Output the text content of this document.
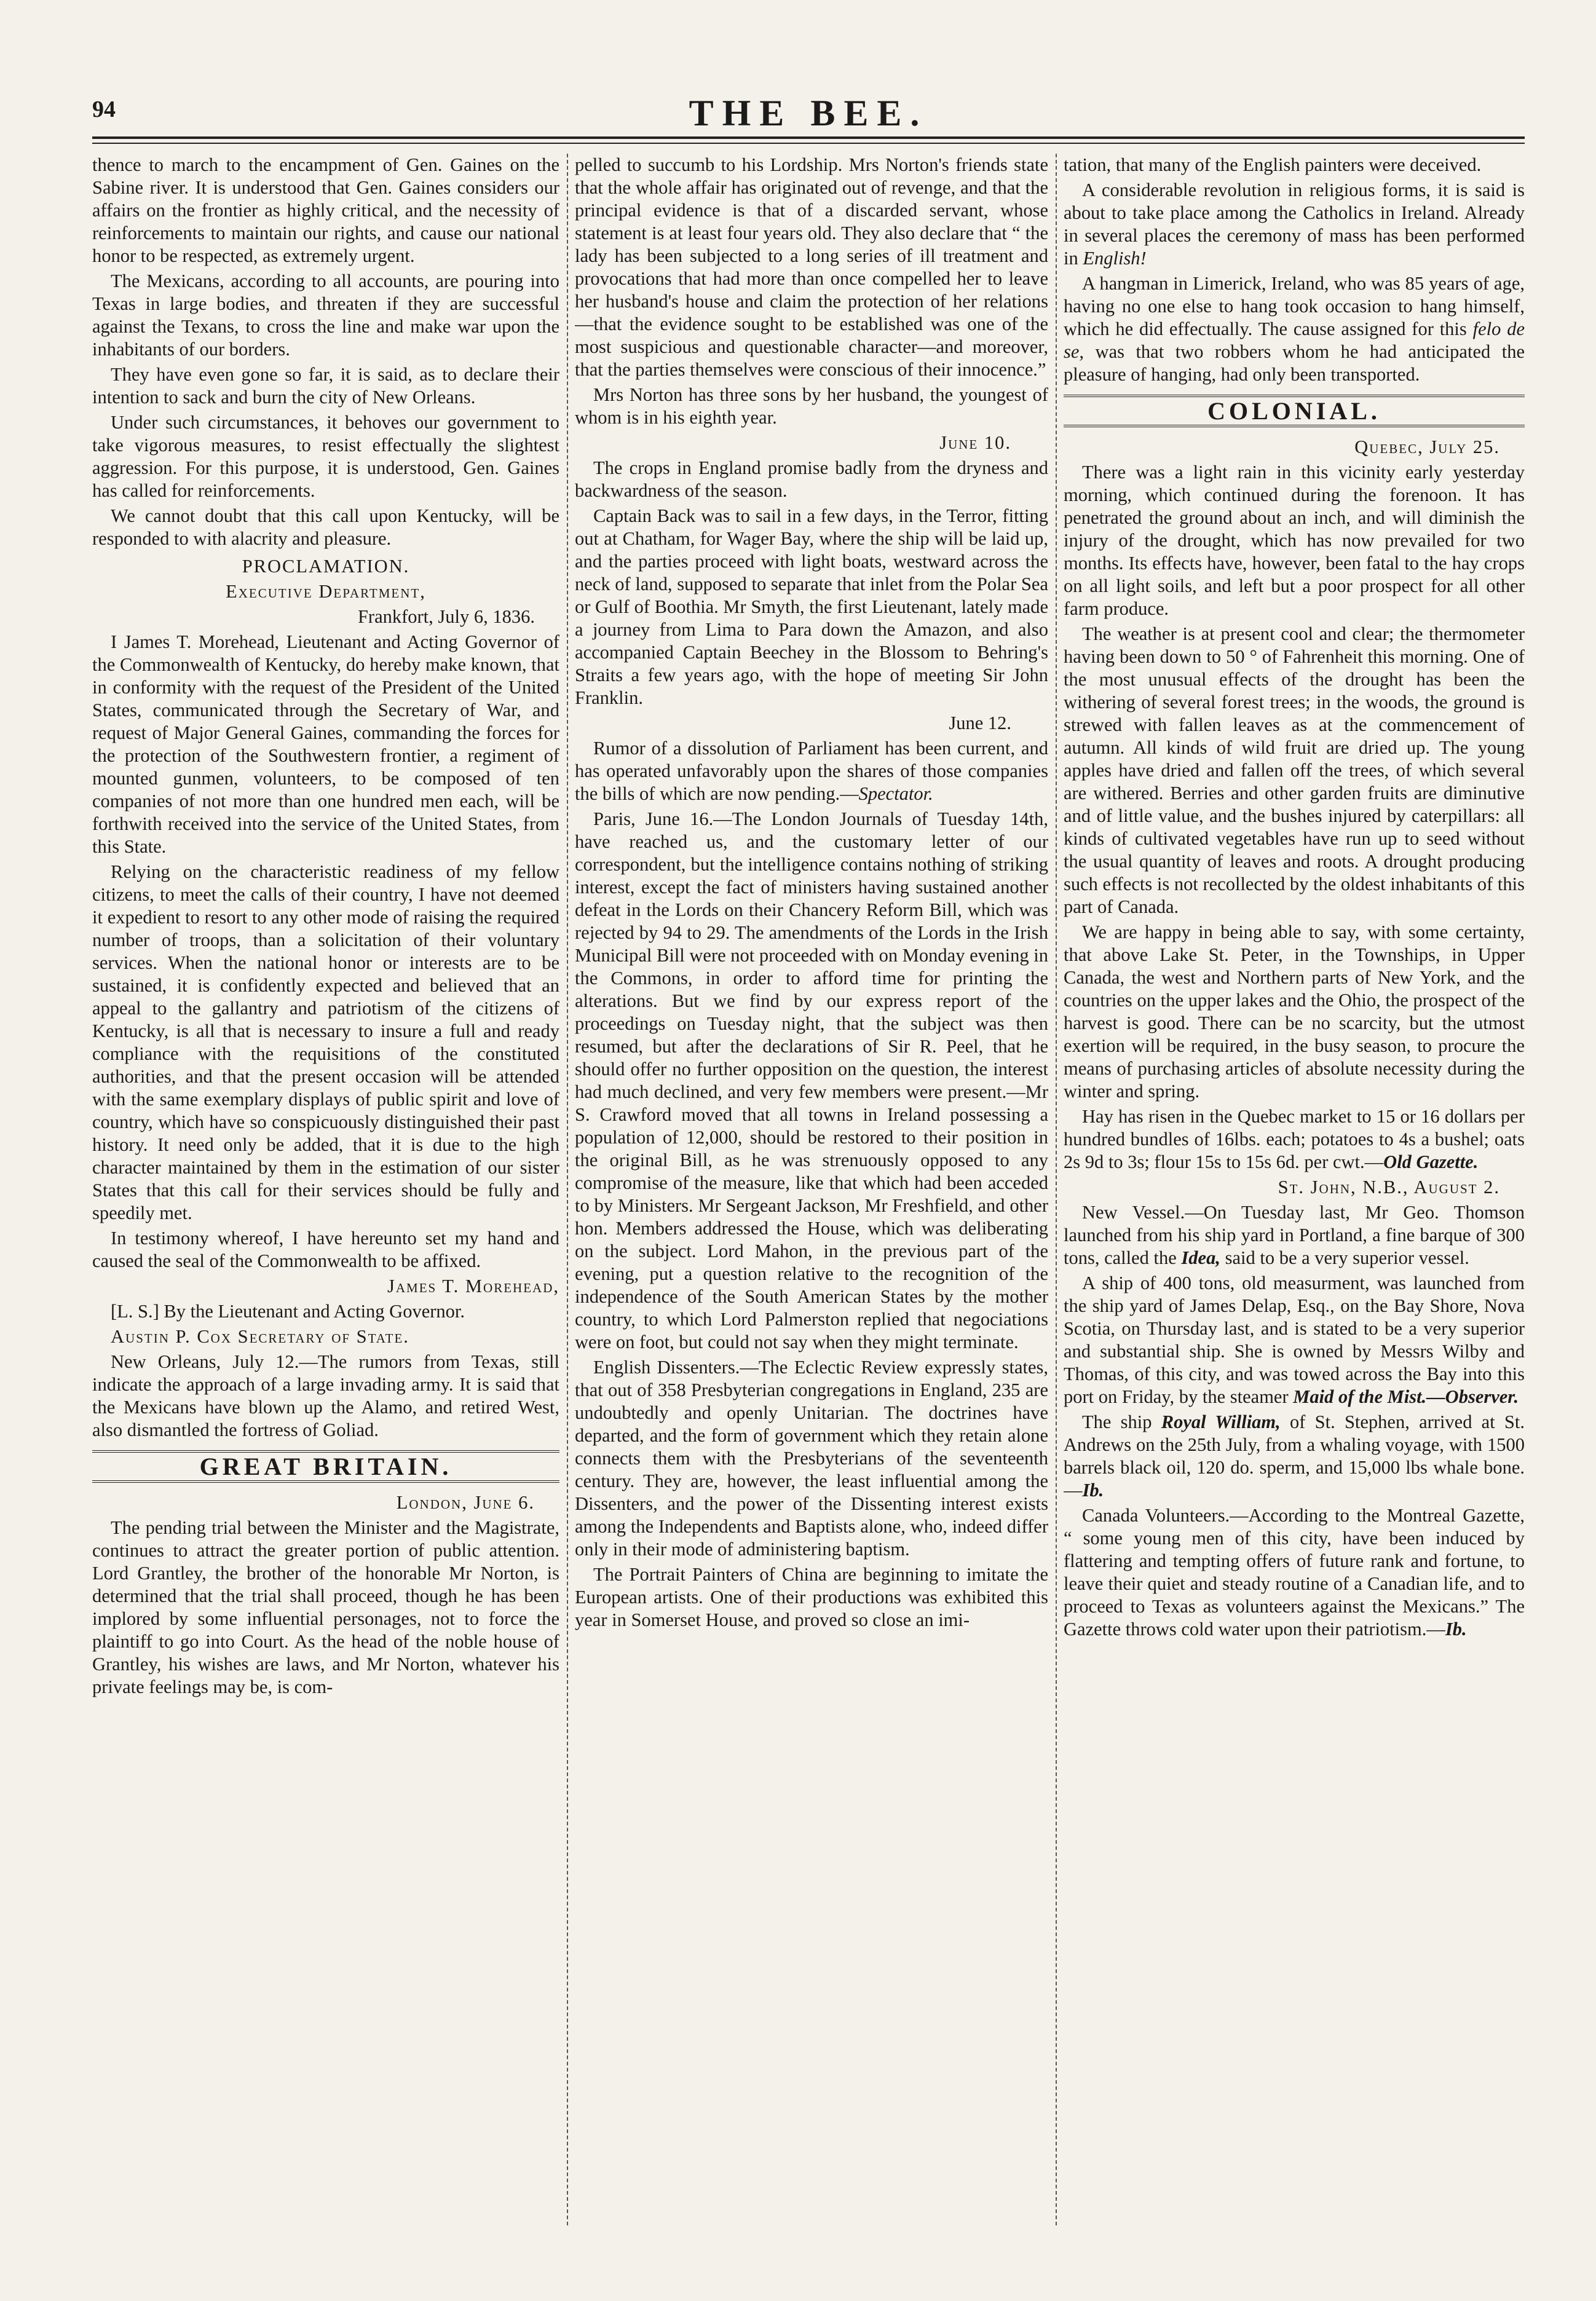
94	THE BEE.

thence to march to the encampment of Gen. Gaines on the Sabine river. It is understood that Gen. Gaines considers our affairs on the frontier as highly critical, and the necessity of reinforcements to maintain our rights, and cause our national honor to be respected, as extremely urgent.

The Mexicans, according to all accounts, are pouring into Texas in large bodies, and threaten if they are successful against the Texans, to cross the line and make war upon the inhabitants of our borders.

They have even gone so far, it is said, as to declare their intention to sack and burn the city of New Orleans.

Under such circumstances, it behoves our government to take vigorous measures, to resist effectually the slightest aggression. For this purpose, it is understood, Gen. Gaines has called for reinforcements.

We cannot doubt that this call upon Kentucky, will be responded to with alacrity and pleasure.

PROCLAMATION.

Executive Department,

Frankfort, July 6, 1836.

I James T. Morehead, Lieutenant and Acting Governor of the Commonwealth of Kentucky, do hereby make known, that in conformity with the request of the President of the United States, communicated through the Secretary of War, and request of Major General Gaines, commanding the forces for the protection of the Southwestern frontier, a regiment of mounted gunmen, volunteers, to be composed of ten companies of not more than one hundred men each, will be forthwith received into the service of the United States, from this State.

Relying on the characteristic readiness of my fellow citizens, to meet the calls of their country, I have not deemed it expedient to resort to any other mode of raising the required number of troops, than a solicitation of their voluntary services. When the national honor or interests are to be sustained, it is confidently expected and believed that an appeal to the gallantry and patriotism of the citizens of Kentucky, is all that is necessary to insure a full and ready compliance with the requisitions of the constituted authorities, and that the present occasion will be attended with the same exemplary displays of public spirit and love of country, which have so conspicuously distinguished their past history. It need only be added, that it is due to the high character maintained by them in the estimation of our sister States that this call for their services should be fully and speedily met.

In testimony whereof, I have hereunto set my hand and caused the seal of the Commonwealth to be affixed.

James T. Morehead,

[L. S.] By the Lieutenant and Acting Governor.

Austin P. Cox Secretary of State.

New Orleans, July 12.—The rumors from Texas, still indicate the approach of a large invading army. It is said that the Mexicans have blown up the Alamo, and retired West, also dismantled the fortress of Goliad.

GREAT BRITAIN.

London, June 6.

The pending trial between the Minister and the Magistrate, continues to attract the greater portion of public attention. Lord Grantley, the brother of the honorable Mr Norton, is determined that the trial shall proceed, though he has been implored by some influential personages, not to force the plaintiff to go into Court. As the head of the noble house of Grantley, his wishes are laws, and Mr Norton, whatever his private feelings may be, is com-

pelled to succumb to his Lordship. Mrs Norton's friends state that the whole affair has originated out of revenge, and that the principal evidence is that of a discarded servant, whose statement is at least four years old. They also declare that “ the lady has been subjected to a long series of ill treatment and provocations that had more than once compelled her to leave her husband's house and claim the protection of her relations—that the evidence sought to be established was one of the most suspicious and questionable character—and moreover, that the parties themselves were conscious of their innocence.”

Mrs Norton has three sons by her husband, the youngest of whom is in his eighth year.

June 10.

The crops in England promise badly from the dryness and backwardness of the season.

Captain Back was to sail in a few days, in the Terror, fitting out at Chatham, for Wager Bay, where the ship will be laid up, and the parties proceed with light boats, westward across the neck of land, supposed to separate that inlet from the Polar Sea or Gulf of Boothia. Mr Smyth, the first Lieutenant, lately made a journey from Lima to Para down the Amazon, and also accompanied Captain Beechey in the Blossom to Behring's Straits a few years ago, with the hope of meeting Sir John Franklin.

June 12.

Rumor of a dissolution of Parliament has been current, and has operated unfavorably upon the shares of those companies the bills of which are now pending.—Spectator.

Paris, June 16.—The London Journals of Tuesday 14th, have reached us, and the customary letter of our correspondent, but the intelligence contains nothing of striking interest, except the fact of ministers having sustained another defeat in the Lords on their Chancery Reform Bill, which was rejected by 94 to 29. The amendments of the Lords in the Irish Municipal Bill were not proceeded with on Monday evening in the Commons, in order to afford time for printing the alterations. But we find by our express report of the proceedings on Tuesday night, that the subject was then resumed, but after the declarations of Sir R. Peel, that he should offer no further opposition on the question, the interest had much declined, and very few members were present.—Mr S. Crawford moved that all towns in Ireland possessing a population of 12,000, should be restored to their position in the original Bill, as he was strenuously opposed to any compromise of the measure, like that which had been acceded to by Ministers. Mr Sergeant Jackson, Mr Freshfield, and other hon. Members addressed the House, which was deliberating on the subject. Lord Mahon, in the previous part of the evening, put a question relative to the recognition of the independence of the South American States by the mother country, to which Lord Palmerston replied that negociations were on foot, but could not say when they might terminate.

English Dissenters.—The Eclectic Review expressly states, that out of 358 Presbyterian congregations in England, 235 are undoubtedly and openly Unitarian. The doctrines have departed, and the form of government which they retain alone connects them with the Presbyterians of the seventeenth century. They are, however, the least influential among the Dissenters, and the power of the Dissenting interest exists among the Independents and Baptists alone, who, indeed differ only in their mode of administering baptism.

The Portrait Painters of China are beginning to imitate the European artists. One of their productions was exhibited this year in Somerset House, and proved so close an imi-

tation, that many of the English painters were deceived.

A considerable revolution in religious forms, it is said is about to take place among the Catholics in Ireland. Already in several places the ceremony of mass has been performed in English!

A hangman in Limerick, Ireland, who was 85 years of age, having no one else to hang took occasion to hang himself, which he did effectually. The cause assigned for this felo de se, was that two robbers whom he had anticipated the pleasure of hanging, had only been transported.

COLONIAL.

Quebec, July 25.

There was a light rain in this vicinity early yesterday morning, which continued during the forenoon. It has penetrated the ground about an inch, and will diminish the injury of the drought, which has now prevailed for two months. Its effects have, however, been fatal to the hay crops on all light soils, and left but a poor prospect for all other farm produce.

The weather is at present cool and clear; the thermometer having been down to 50 ° of Fahrenheit this morning. One of the most unusual effects of the drought has been the withering of several forest trees; in the woods, the ground is strewed with fallen leaves as at the commencement of autumn. All kinds of wild fruit are dried up. The young apples have dried and fallen off the trees, of which several are withered. Berries and other garden fruits are diminutive and of little value, and the bushes injured by caterpillars: all kinds of cultivated vegetables have run up to seed without the usual quantity of leaves and roots. A drought producing such effects is not recollected by the oldest inhabitants of this part of Canada.

We are happy in being able to say, with some certainty, that above Lake St. Peter, in the Townships, in Upper Canada, the west and Northern parts of New York, and the countries on the upper lakes and the Ohio, the prospect of the harvest is good. There can be no scarcity, but the utmost exertion will be required, in the busy season, to procure the means of purchasing articles of absolute necessity during the winter and spring.

Hay has risen in the Quebec market to 15 or 16 dollars per hundred bundles of 16lbs. each; potatoes to 4s a bushel; oats 2s 9d to 3s; flour 15s to 15s 6d. per cwt.—Old Gazette.

St. John, N.B., August 2.

New Vessel.—On Tuesday last, Mr Geo. Thomson launched from his ship yard in Portland, a fine barque of 300 tons, called the Idea, said to be a very superior vessel.

A ship of 400 tons, old measurment, was launched from the ship yard of James Delap, Esq., on the Bay Shore, Nova Scotia, on Thursday last, and is stated to be a very superior and substantial ship. She is owned by Messrs Wilby and Thomas, of this city, and was towed across the Bay into this port on Friday, by the steamer Maid of the Mist.—Observer.

The ship Royal William, of St. Stephen, arrived at St. Andrews on the 25th July, from a whaling voyage, with 1500 barrels black oil, 120 do. sperm, and 15,000 lbs whale bone.—Ib.

Canada Volunteers.—According to the Montreal Gazette, “ some young men of this city, have been induced by flattering and tempting offers of future rank and fortune, to leave their quiet and steady routine of a Canadian life, and to proceed to Texas as volunteers against the Mexicans.” The Gazette throws cold water upon their patriotism.—Ib.
